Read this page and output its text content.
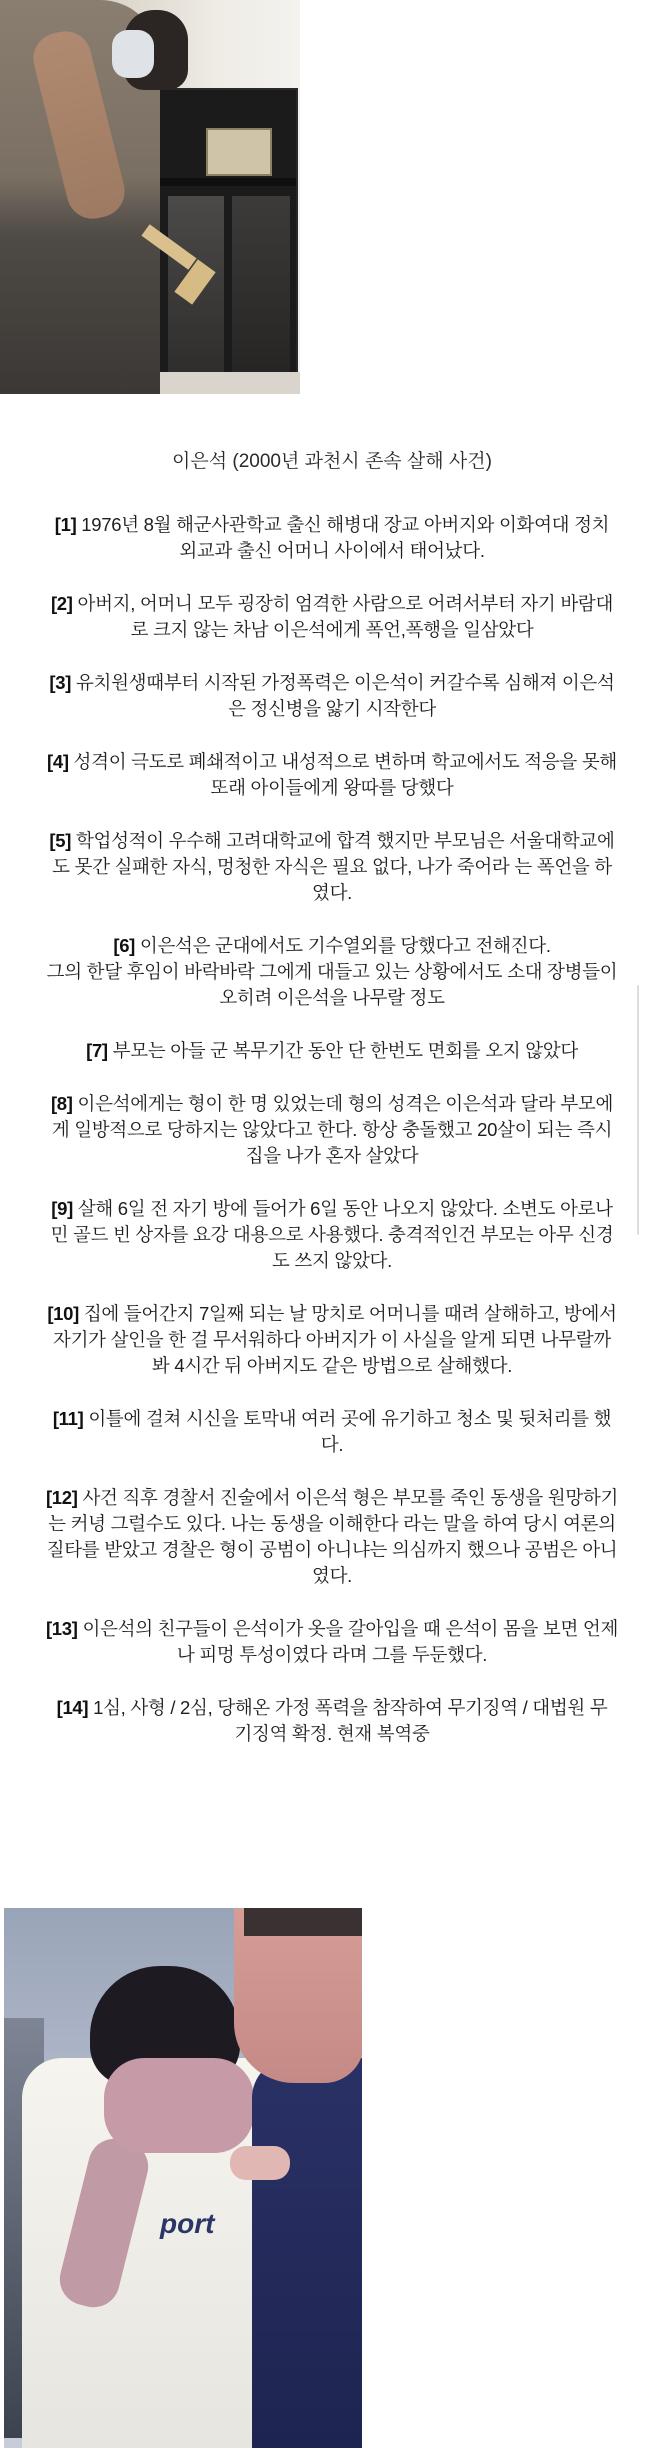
이은석 (2000년 과천시 존속 살해 사건)
[1] 1976년 8월 해군사관학교 출신 해병대 장교 아버지와 이화여대 정치
외교과 출신 어머니 사이에서 태어났다.
[2] 아버지, 어머니 모두 굉장히 엄격한 사람으로 어려서부터 자기 바람대
로 크지 않는 차남 이은석에게 폭언,폭행을 일삼았다
[3] 유치원생때부터 시작된 가정폭력은 이은석이 커갈수록 심해져 이은석
은 정신병을 앓기 시작한다
[4] 성격이 극도로 폐쇄적이고 내성적으로 변하며 학교에서도 적응을 못해
또래 아이들에게 왕따를 당했다
[5] 학업성적이 우수해 고려대학교에 합격 했지만 부모님은 서울대학교에
도 못간 실패한 자식, 멍청한 자식은 필요 없다, 나가 죽어라 는 폭언을 하
였다.
[6] 이은석은 군대에서도 기수열외를 당했다고 전해진다.
그의 한달 후임이 바락바락 그에게 대들고 있는 상황에서도 소대 장병들이
오히려 이은석을 나무랄 정도
[7] 부모는 아들 군 복무기간 동안 단 한번도 면회를 오지 않았다
[8] 이은석에게는 형이 한 명 있었는데 형의 성격은 이은석과 달라 부모에
게 일방적으로 당하지는 않았다고 한다. 항상 충돌했고 20살이 되는 즉시
집을 나가 혼자 살았다
[9] 살해 6일 전 자기 방에 들어가 6일 동안 나오지 않았다. 소변도 아로나
민 골드 빈 상자를 요강 대용으로 사용했다. 충격적인건 부모는 아무 신경
도 쓰지 않았다.
[10] 집에 들어간지 7일째 되는 날 망치로 어머니를 때려 살해하고, 방에서
자기가 살인을 한 걸 무서워하다 아버지가 이 사실을 알게 되면 나무랄까
봐 4시간 뒤 아버지도 같은 방법으로 살해했다.
[11] 이틀에 걸쳐 시신을 토막내 여러 곳에 유기하고 청소 및 뒷처리를 했
다.
[12] 사건 직후 경찰서 진술에서 이은석 형은 부모를 죽인 동생을 원망하기
는 커녕 그럴수도 있다. 나는 동생을 이해한다 라는 말을 하여 당시 여론의
질타를 받았고 경찰은 형이 공범이 아니냐는 의심까지 했으나 공범은 아니
였다.
[13] 이은석의 친구들이 은석이가 옷을 갈아입을 때 은석이 몸을 보면 언제
나 피멍 투성이였다 라며 그를 두둔했다.
[14] 1심, 사형 / 2심, 당해온 가정 폭력을 참작하여 무기징역 / 대법원 무
기징역 확정. 현재 복역중
port
